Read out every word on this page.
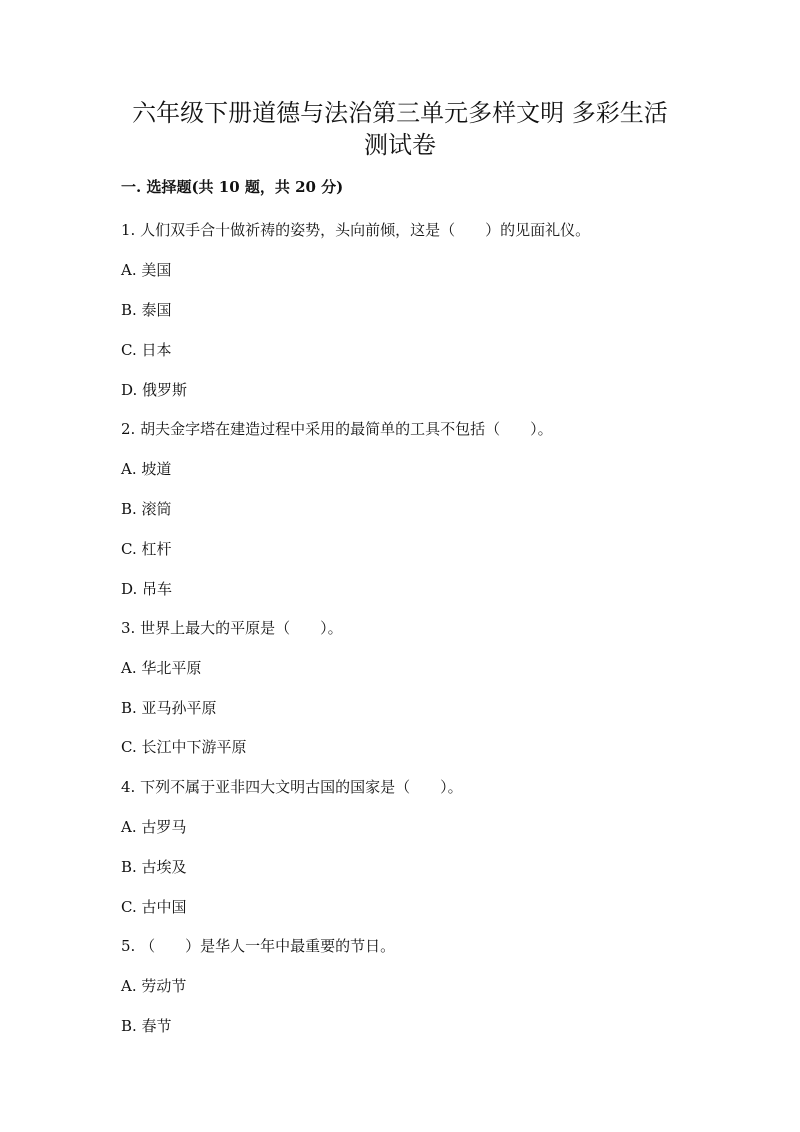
六年级下册道德与法治第三单元多样文明 多彩生活
测试卷
一. 选择题(共 10 题，共 20 分)

1. 人们双手合十做祈祷的姿势，头向前倾，这是（　　）的见面礼仪。

A. 美国

B. 泰国

C. 日本

D. 俄罗斯

2. 胡夫金字塔在建造过程中采用的最简单的工具不包括（　　）。

A. 坡道

B. 滚筒

C. 杠杆

D. 吊车

3. 世界上最大的平原是（　　）。

A. 华北平原

B. 亚马孙平原

C. 长江中下游平原

4. 下列不属于亚非四大文明古国的国家是（　　）。

A. 古罗马

B. 古埃及

C. 古中国

5. （　　）是华人一年中最重要的节日。

A. 劳动节

B. 春节
